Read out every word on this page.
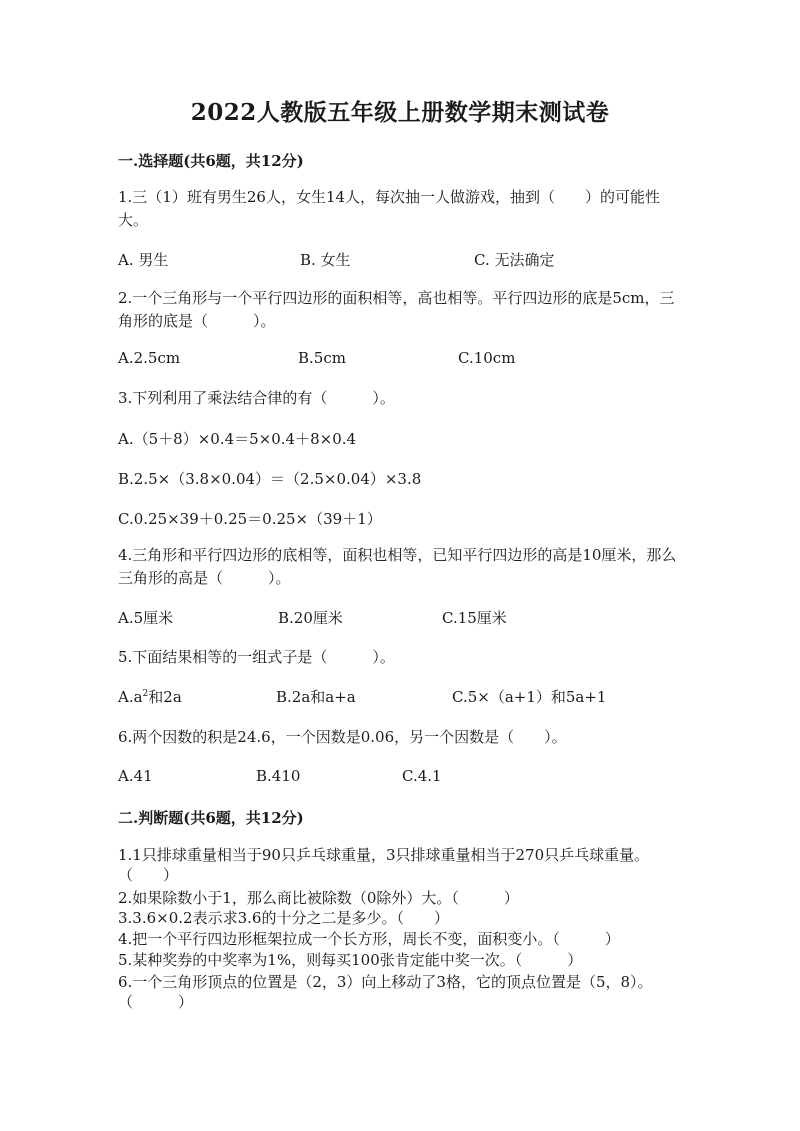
2022人教版五年级上册数学期末测试卷
一.选择题(共6题，共12分)
1.三（1）班有男生26人，女生14人，每次抽一人做游戏，抽到（　　）的可能性大。
A. 男生	B. 女生	C. 无法确定
2.一个三角形与一个平行四边形的面积相等，高也相等。平行四边形的底是5cm，三角形的底是（　　　）。
A.2.5cm	B.5cm	C.10cm
3.下列利用了乘法结合律的有（　　　）。
A.（5＋8）×0.4＝5×0.4＋8×0.4
B.2.5×（3.8×0.04）＝（2.5×0.04）×3.8
C.0.25×39＋0.25＝0.25×（39＋1）
4.三角形和平行四边形的底相等，面积也相等，已知平行四边形的高是10厘米，那么三角形的高是（　　　）。
A.5厘米	B.20厘米	C.15厘米
5.下面结果相等的一组式子是（　　　）。
$A.a^2$和2a	B.2a和a+a	C.5×（a+1）和5a+1
6.两个因数的积是24.6，一个因数是0.06，另一个因数是（　　）。
A.41	B.410	C.4.1
二.判断题(共6题，共12分)
1.1只排球重量相当于90只乒乓球重量，3只排球重量相当于270只乒乓球重量。（　　）
2.如果除数小于1，那么商比被除数（0除外）大。（　　　）
3.3.6×0.2表示求3.6的十分之二是多少。（　　）
4.把一个平行四边形框架拉成一个长方形，周长不变，面积变小。（　　　）
5.某种奖券的中奖率为1%，则每买100张肯定能中奖一次。（　　　）
6.一个三角形顶点的位置是（2，3）向上移动了3格，它的顶点位置是（5，8）。（　　　）
